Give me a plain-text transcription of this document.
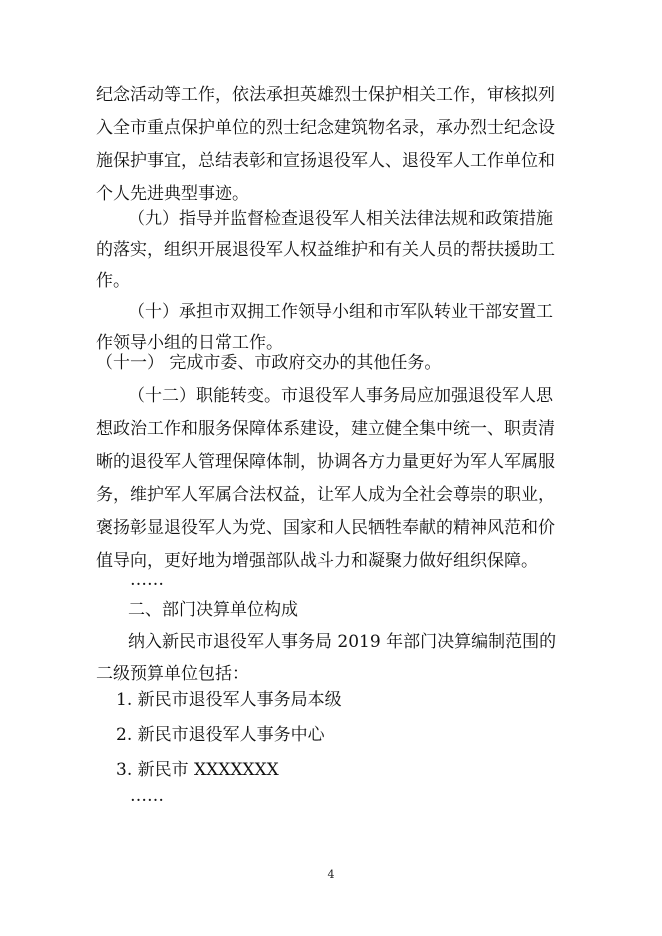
纪念活动等工作，依法承担英雄烈士保护相关工作，审核拟列
入全市重点保护单位的烈士纪念建筑物名录，承办烈士纪念设
施保护事宜，总结表彰和宣扬退役军人、退役军人工作单位和
个人先进典型事迹。
（九）指导并监督检查退役军人相关法律法规和政策措施
的落实，组织开展退役军人权益维护和有关人员的帮扶援助工
作。
（十）承担市双拥工作领导小组和市军队转业干部安置工
作领导小组的日常工作。
（十一） 完成市委、市政府交办的其他任务。
（十二）职能转变。市退役军人事务局应加强退役军人思
想政治工作和服务保障体系建设，建立健全集中统一、职责清
晰的退役军人管理保障体制，协调各方力量更好为军人军属服
务，维护军人军属合法权益，让军人成为全社会尊崇的职业，
褒扬彰显退役军人为党、国家和人民牺牲奉献的精神风范和价
值导向，更好地为增强部队战斗力和凝聚力做好组织保障。
……
二、部门决算单位构成
纳入新民市退役军人事务局 2019 年部门决算编制范围的
二级预算单位包括：
1. 新民市退役军人事务局本级
2. 新民市退役军人事务中心
3. 新民市 XXXXXXX
……
4
